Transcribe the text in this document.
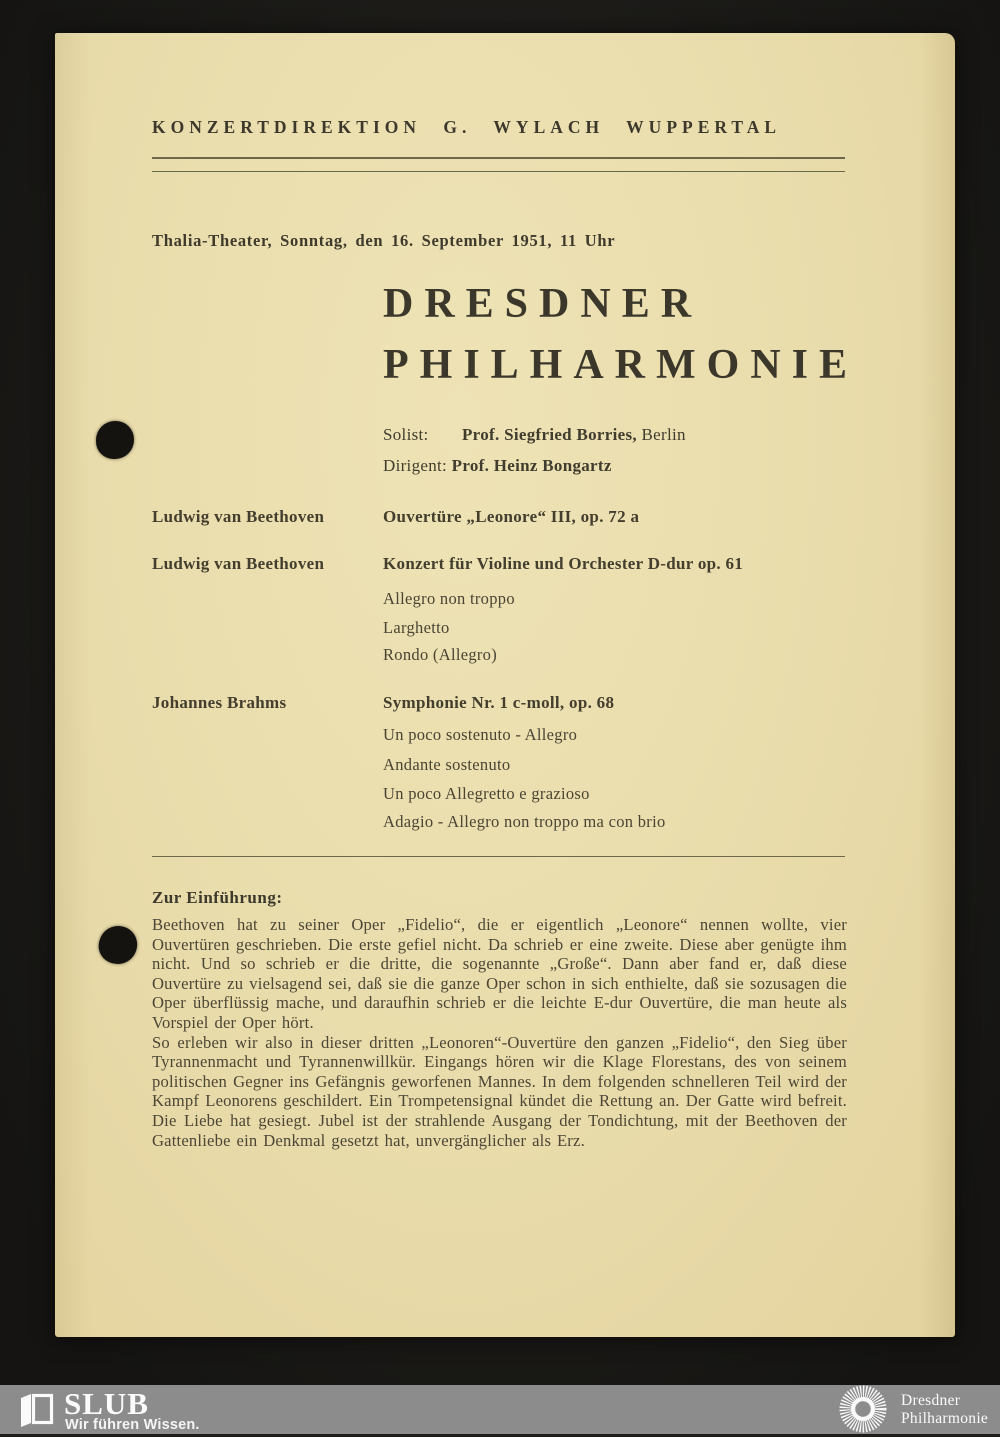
KONZERTDIREKTION G. WYLACH WUPPERTAL
Thalia-Theater, Sonntag, den 16. September 1951, 11 Uhr
DRESDNER
PHILHARMONIE
Solist: Prof. Siegfried Borries, Berlin
Dirigent: Prof. Heinz Bongartz
Ludwig van Beethoven	Ouvertüre „Leonore“ III, op. 72 a
Ludwig van Beethoven	Konzert für Violine und Orchester D-dur op. 61
Allegro non troppo
Larghetto
Rondo (Allegro)
Johannes Brahms	Symphonie Nr. 1 c-moll, op. 68
Un poco sostenuto - Allegro
Andante sostenuto
Un poco Allegretto e grazioso
Adagio - Allegro non troppo ma con brio
Zur Einführung:

Beethoven hat zu seiner Oper „Fidelio“, die er eigentlich „Leonore“ nennen wollte, vier Ouvertüren geschrieben. Die erste gefiel nicht. Da schrieb er eine zweite. Diese aber genügte ihm nicht. Und so schrieb er die dritte, die sogenannte „Große“. Dann aber fand er, daß diese Ouvertüre zu vielsagend sei, daß sie die ganze Oper schon in sich enthielte, daß sie sozusagen die Oper überflüssig mache, und daraufhin schrieb er die leichte E-dur Ouvertüre, die man heute als Vorspiel der Oper hört.

So erleben wir also in dieser dritten „Leonoren“-Ouvertüre den ganzen „Fidelio“, den Sieg über Tyrannenmacht und Tyrannenwillkür. Eingangs hören wir die Klage Florestans, des von seinem politischen Gegner ins Gefängnis geworfenen Mannes. In dem folgenden schnelleren Teil wird der Kampf Leonorens geschildert. Ein Trompetensignal kündet die Rettung an. Der Gatte wird befreit. Die Liebe hat gesiegt. Jubel ist der strahlende Ausgang der Tondichtung, mit der Beethoven der Gattenliebe ein Denkmal gesetzt hat, unvergänglicher als Erz.

SLUB
Wir führen Wissen.
Dresdner
Philharmonie
